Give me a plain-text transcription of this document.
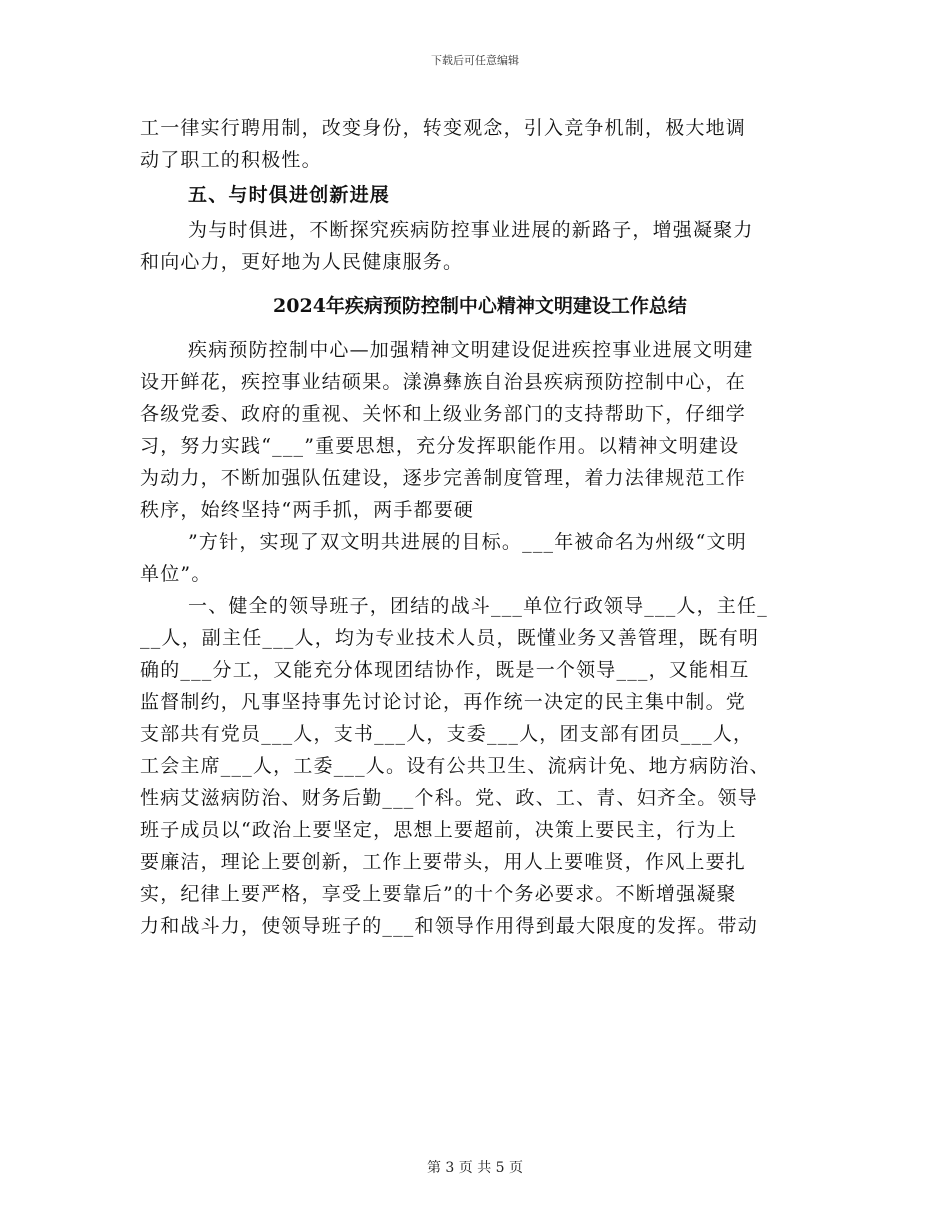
下载后可任意编辑
工一律实行聘用制，改变身份，转变观念，引入竞争机制，极大地调
动了职工的积极性。
五、与时俱进创新进展
为与时俱进，不断探究疾病防控事业进展的新路子，增强凝聚力
和向心力，更好地为人民健康服务。
2024年疾病预防控制中心精神文明建设工作总结
疾病预防控制中心—加强精神文明建设促进疾控事业进展文明建
设开鲜花，疾控事业结硕果。漾濞彝族自治县疾病预防控制中心，在
各级党委、政府的重视、关怀和上级业务部门的支持帮助下，仔细学
习，努力实践“___”重要思想，充分发挥职能作用。以精神文明建设
为动力，不断加强队伍建设，逐步完善制度管理，着力法律规范工作
秩序，始终坚持“两手抓，两手都要硬
”方针，实现了双文明共进展的目标。___年被命名为州级“文明
单位”。
一、健全的领导班子，团结的战斗___单位行政领导___人，主任_
__人，副主任___人，均为专业技术人员，既懂业务又善管理，既有明
确的___分工，又能充分体现团结协作，既是一个领导___，又能相互
监督制约，凡事坚持事先讨论讨论，再作统一决定的民主集中制。党
支部共有党员___人，支书___人，支委___人，团支部有团员___人，
工会主席___人，工委___人。设有公共卫生、流病计免、地方病防治、
性病艾滋病防治、财务后勤___个科。党、政、工、青、妇齐全。领导
班子成员以“政治上要坚定，思想上要超前，决策上要民主，行为上
要廉洁，理论上要创新，工作上要带头，用人上要唯贤，作风上要扎
实，纪律上要严格，享受上要靠后”的十个务必要求。不断增强凝聚
力和战斗力，使领导班子的___和领导作用得到最大限度的发挥。带动
第 3 页 共 5 页
